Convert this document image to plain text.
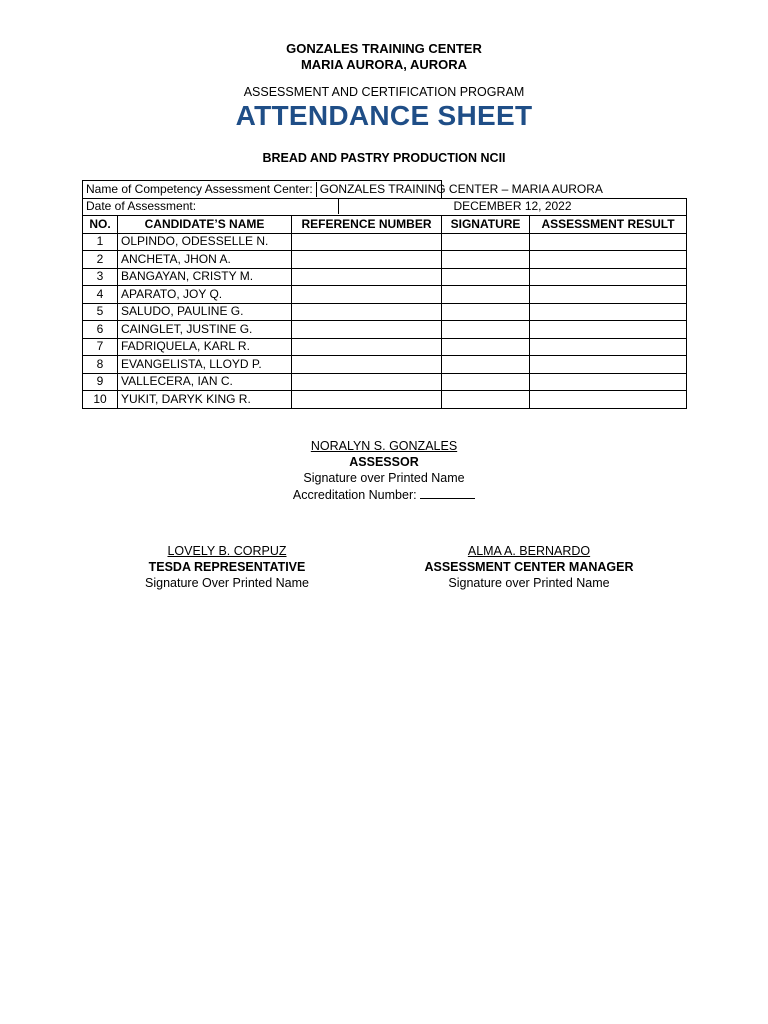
GONZALES TRAINING CENTER
MARIA AURORA, AURORA
ASSESSMENT AND CERTIFICATION PROGRAM
ATTENDANCE SHEET
BREAD AND PASTRY PRODUCTION NCII
Name of Competency Assessment Center: GONZALES TRAINING CENTER – MARIA AURORA				

Date of Assessment: DECEMBER 12, 2022				

NO.	CANDIDATE’S NAME	REFERENCE NUMBER	SIGNATURE	ASSESSMENT RESULT
1	OLPINDO, ODESSELLE N.			
2	ANCHETA, JHON A.			
3	BANGAYAN, CRISTY M.			
4	APARATO, JOY Q.			
5	SALUDO, PAULINE G.			
6	CAINGLET, JUSTINE G.			
7	FADRIQUELA, KARL R.			
8	EVANGELISTA, LLOYD P.			
9	VALLECERA, IAN C.			
10	YUKIT, DARYK KING R.			
NORALYN S. GONZALES
ASSESSOR
Signature over Printed Name
Accreditation Number:
LOVELY B. CORPUZ
TESDA REPRESENTATIVE
Signature Over Printed Name
ALMA A. BERNARDO
ASSESSMENT CENTER MANAGER
Signature over Printed Name
